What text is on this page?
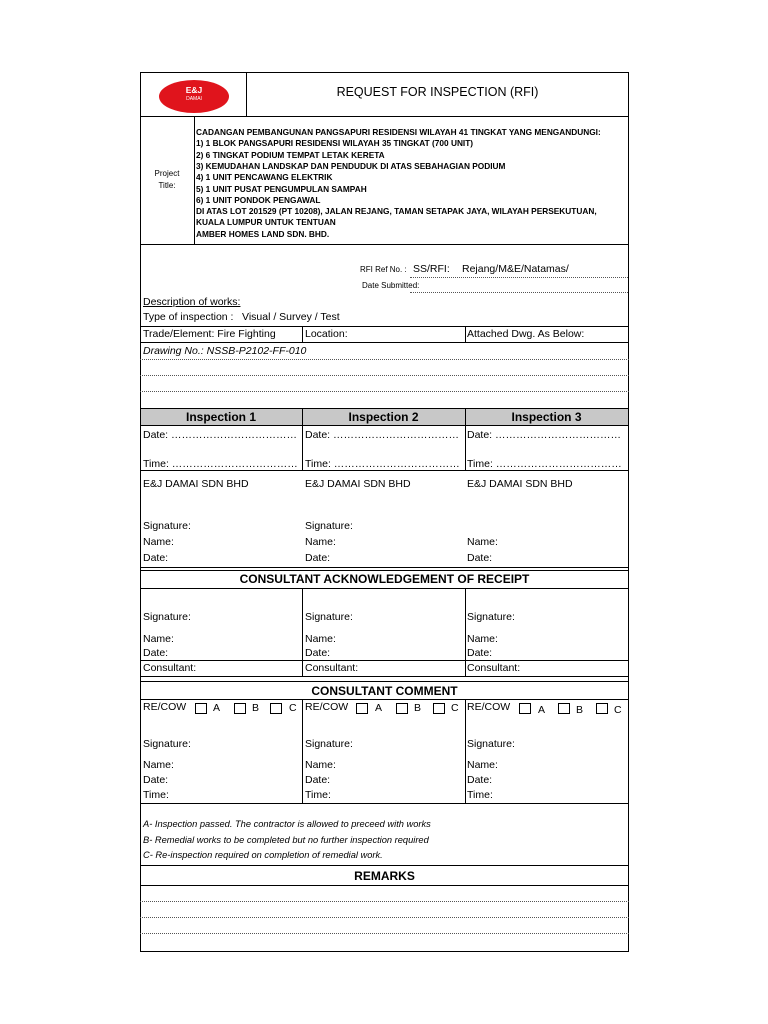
E&J
DAMAI	REQUEST FOR INSPECTION (RFI)
Project
Title:
CADANGAN PEMBANGUNAN PANGSAPURI RESIDENSI WILAYAH 41 TINGKAT YANG MENGANDUNGI:
1) 1 BLOK PANGSAPURI RESIDENSI WILAYAH 35 TINGKAT (700 UNIT)
2) 6 TINGKAT PODIUM TEMPAT LETAK KERETA
3) KEMUDAHAN LANDSKAP DAN PENDUDUK DI ATAS SEBAHAGIAN PODIUM
4) 1 UNIT PENCAWANG ELEKTRIK
5) 1 UNIT PUSAT PENGUMPULAN SAMPAH
6) 1 UNIT PONDOK PENGAWAL
DI ATAS LOT 201529 (PT 10208), JALAN REJANG, TAMAN SETAPAK JAYA, WILAYAH PERSEKUTUAN,
KUALA LUMPUR UNTUK TENTUAN
AMBER HOMES LAND SDN. BHD.
RFI Ref No. : SS/RFI: Rejang/M&E/Natamas/
Date Submitted:
Description of works:
Type of inspection : Visual / Survey / Test
Trade/Element: Fire Fighting	Location:	Attached Dwg. As Below:
Drawing No.: NSSB-P2102-FF-010
Inspection 1	Inspection 2	Inspection 3
Date: ……………………………… Date: ……………………………… Date: ………………………………
Time: ……………………………… Time: ……………………………… Time: ………………………………
E&J DAMAI SDN BHD	E&J DAMAI SDN BHD	E&J DAMAI SDN BHD
Signature:	Signature:
Name:	Name:	Name:
Date:	Date:	Date:
CONSULTANT ACKNOWLEDGEMENT OF RECEIPT
Signature:	Signature:	Signature:
Name:	Name:	Name:
Date:	Date:	Date:
Consultant:	Consultant:	Consultant:
CONSULTANT COMMENT
RE/COW	A	B	C RE/COW	A	B	C RE/COW	A	B	C
Signature:	Signature:	Signature:
Name:	Name:	Name:
Date:	Date:	Date:
Time:	Time:	Time:
A- Inspection passed. The contractor is allowed to preceed with works
B- Remedial works to be completed but no further inspection required
C- Re-inspection required on completion of remedial work.
REMARKS
